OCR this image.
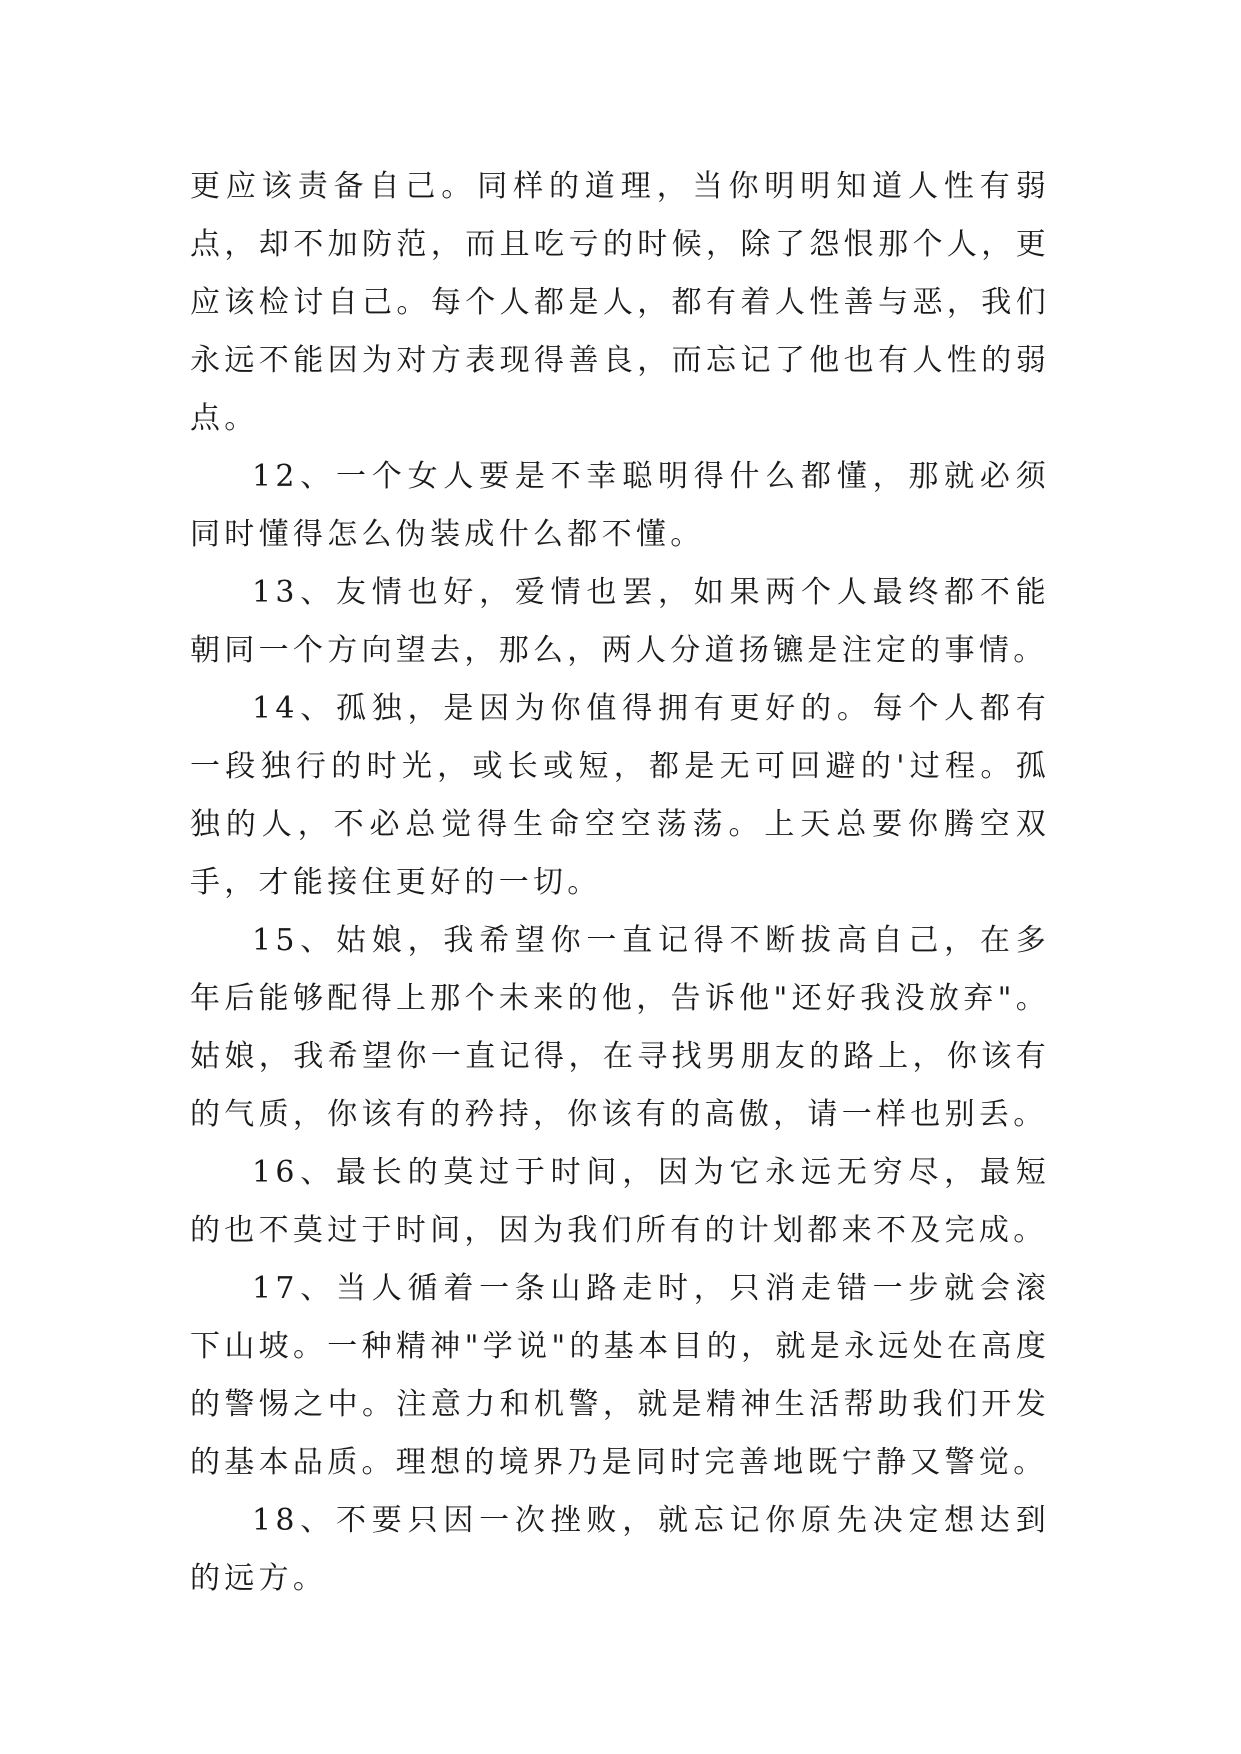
更应该责备自己。同样的道理，当你明明知道人性有弱点，却不加防范，而且吃亏的时候，除了怨恨那个人，更应该检讨自己。每个人都是人，都有着人性善与恶，我们永远不能因为对方表现得善良，而忘记了他也有人性的弱点。

12、一个女人要是不幸聪明得什么都懂，那就必须同时懂得怎么伪装成什么都不懂。

13、友情也好，爱情也罢，如果两个人最终都不能朝同一个方向望去，那么，两人分道扬镳是注定的事情。

14、孤独，是因为你值得拥有更好的。每个人都有一段独行的时光，或长或短，都是无可回避的'过程。孤独的人，不必总觉得生命空空荡荡。上天总要你腾空双手，才能接住更好的一切。

15、姑娘，我希望你一直记得不断拔高自己，在多年后能够配得上那个未来的他，告诉他"还好我没放弃"。姑娘，我希望你一直记得，在寻找男朋友的路上，你该有的气质，你该有的矜持，你该有的高傲，请一样也别丢。

16、最长的莫过于时间，因为它永远无穷尽，最短的也不莫过于时间，因为我们所有的计划都来不及完成。

17、当人循着一条山路走时，只消走错一步就会滚下山坡。一种精神"学说"的基本目的，就是永远处在高度的警惕之中。注意力和机警，就是精神生活帮助我们开发的基本品质。理想的境界乃是同时完善地既宁静又警觉。

18、不要只因一次挫败，就忘记你原先决定想达到的远方。
